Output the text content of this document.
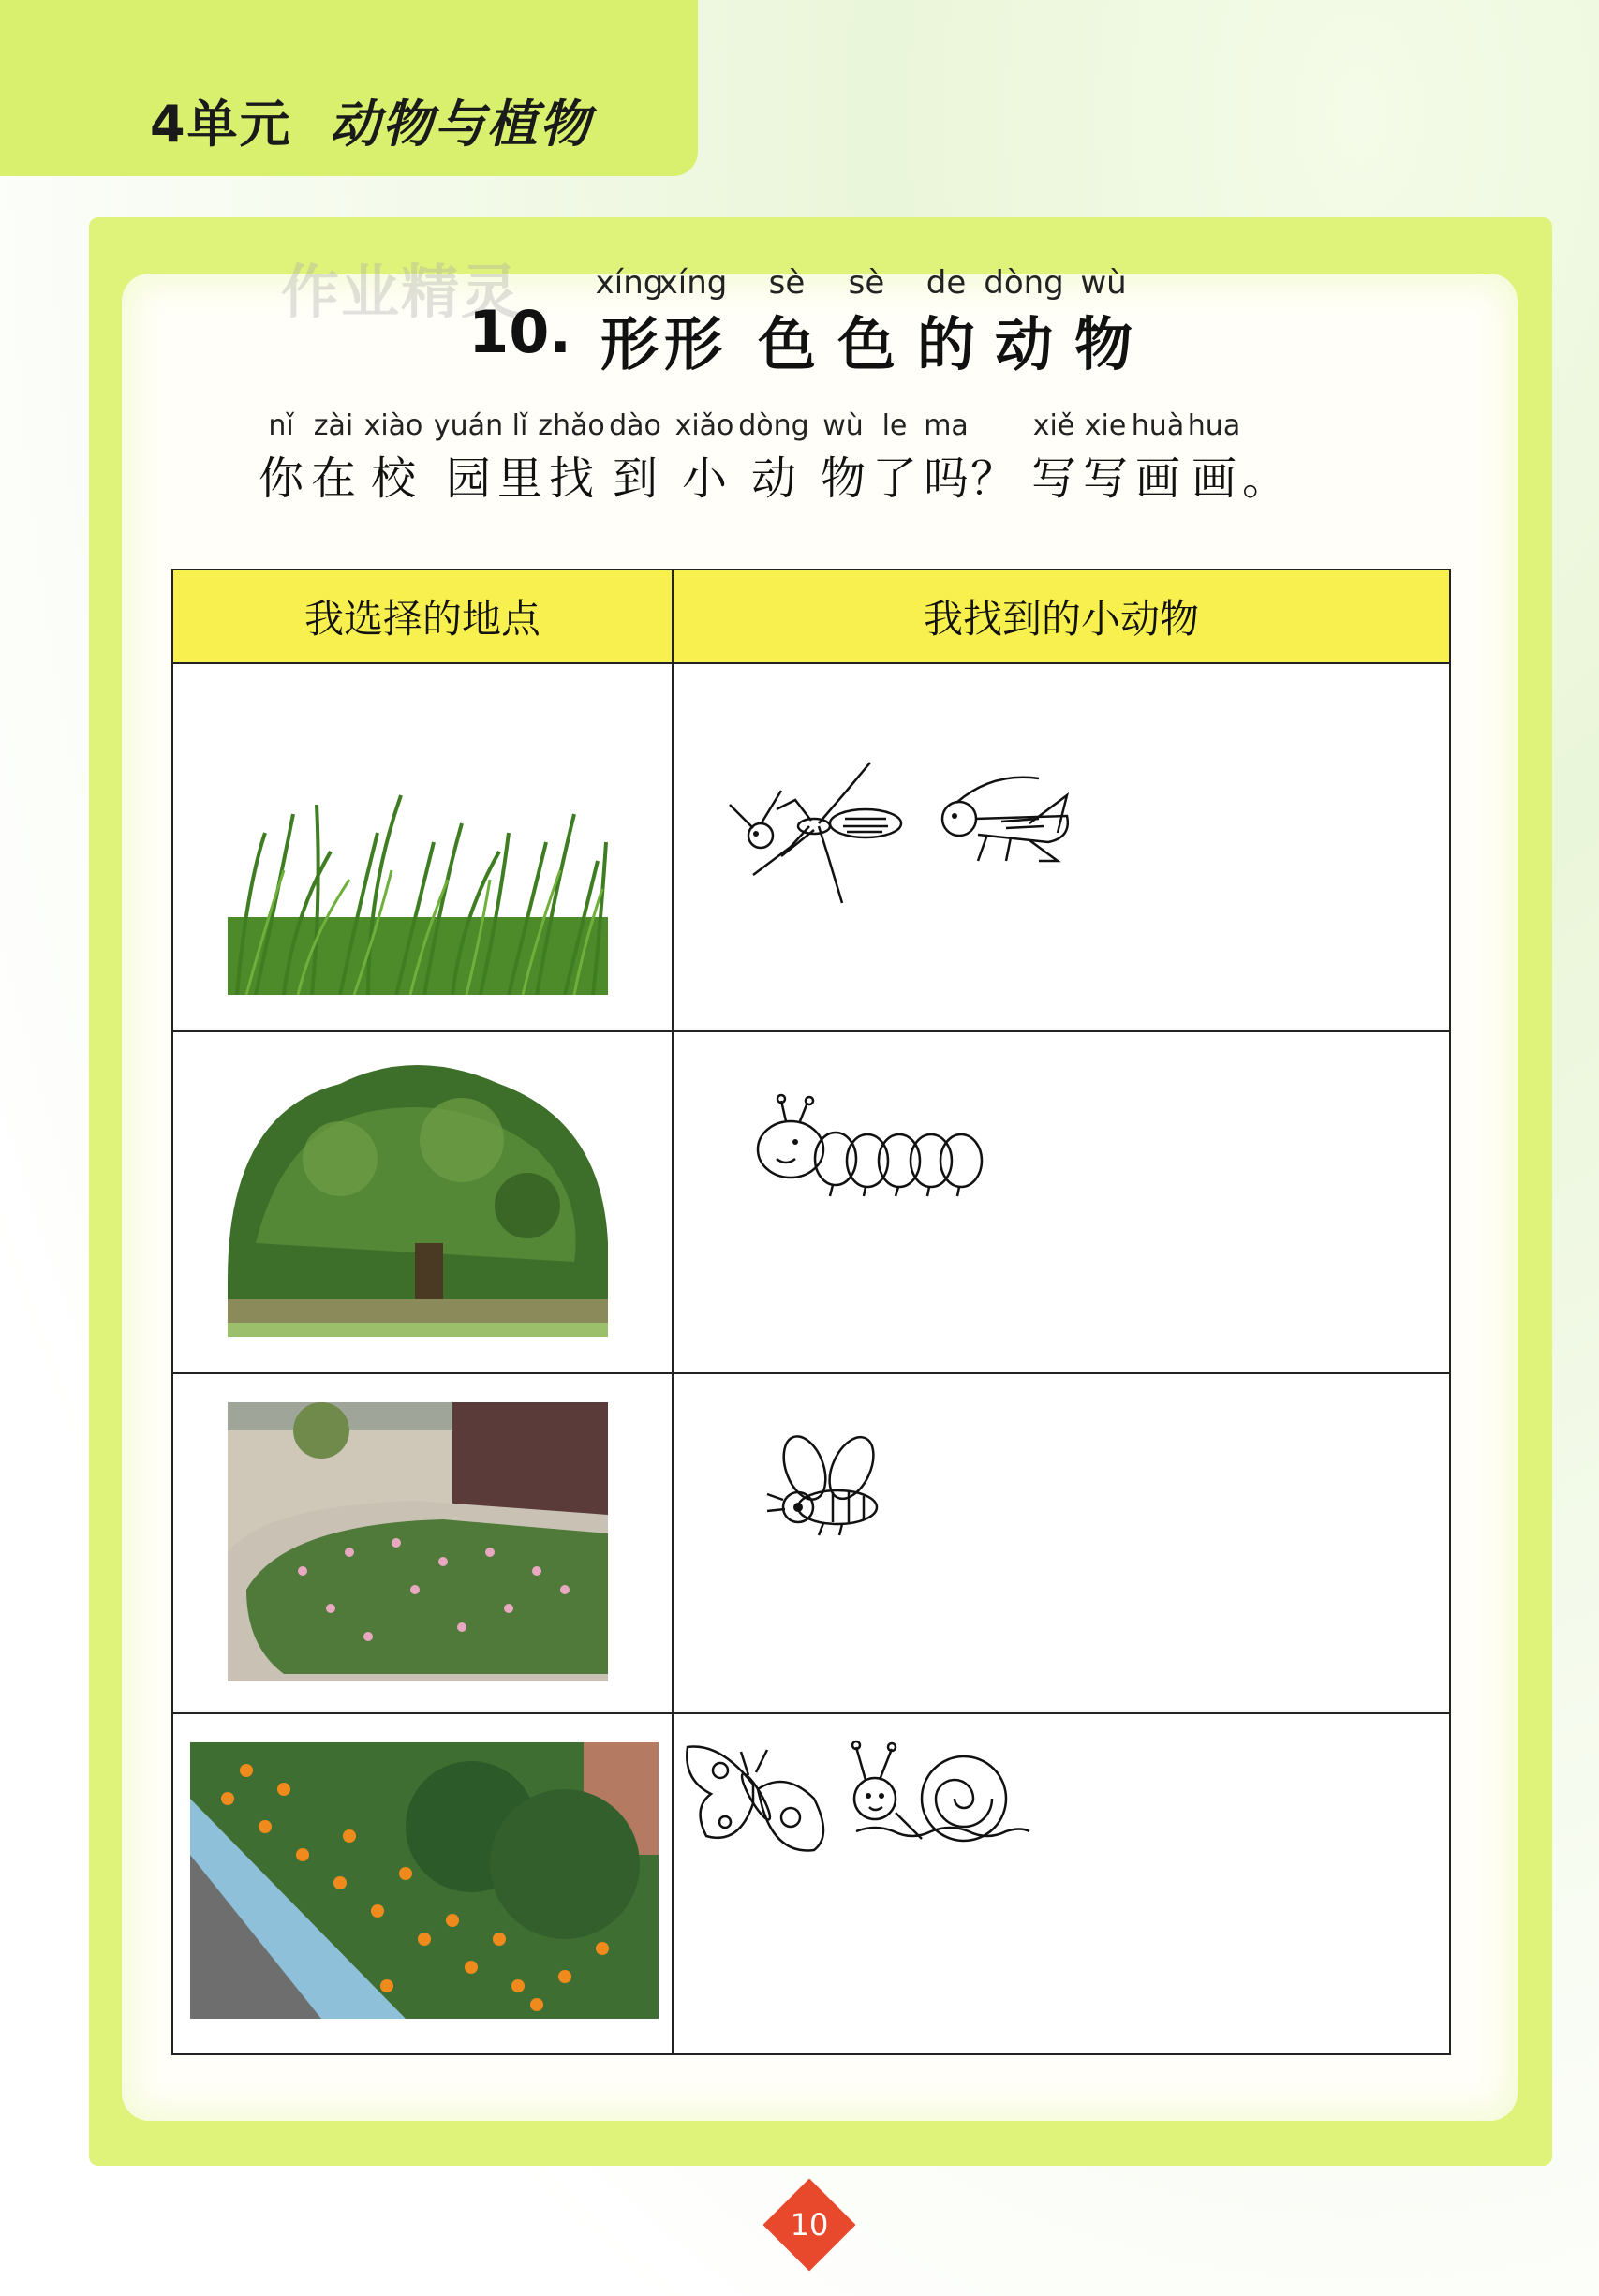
4单元 动物与植物
作业精灵 xíng
xíng sè sè de dòng wù
10. 形 形 色 色 的 动 物
nǐ zài xiào yuán lǐ zhǎo dào xiǎo dòng wù le ma xiě xie huà hua
你 在 校 园 里 找 到 小 动 物 了 吗 ？ 写 写 画 画 。
我选择的地点	我找到的小动物

10
